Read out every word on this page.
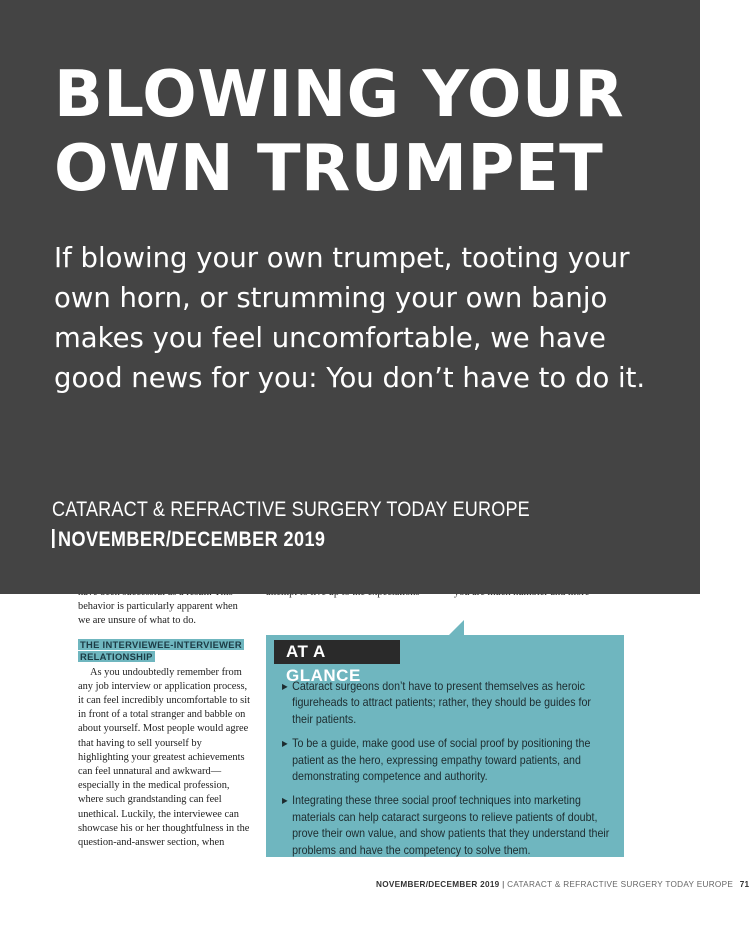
behavior is particularly apparent when we are unsure of what to do.

THE INTERVIEWEE-INTERVIEWER
RELATIONSHIP

As you undoubtedly remember from any job interview or application process, it can feel incredibly uncomfortable to sit in front of a total stranger and babble on about yourself. Most people would agree that having to sell yourself by highlighting your greatest achievements can feel unnatural and awkward—especially in the medical profession, where such grandstanding can feel unethical. Luckily, the interviewee can showcase his or her thoughtfulness in the question-and-answer section, when

AT A GLANCE
▶ Cataract surgeons don’t have to present themselves as heroic figureheads to attract patients; rather, they should be guides for their patients.
▶ To be a guide, make good use of social proof by positioning the patient as the hero, expressing empathy toward patients, and demonstrating competence and authority.
▶ Integrating these three social proof techniques into marketing materials can help cataract surgeons to relieve patients of doubt, prove their own value, and show patients that they understand their problems and have the competency to solve them.
NOVEMBER/DECEMBER 2019 | CATARACT & REFRACTIVE SURGERY TODAY EUROPE 71
BLOWING YOUR
OWN TRUMPET
If blowing your own trumpet, tooting your own horn, or strumming your own banjo makes you feel uncomfortable, we have good news for you: You don’t have to do it.
CATARACT & REFRACTIVE SURGERY TODAY EUROPE
NOVEMBER/DECEMBER 2019
